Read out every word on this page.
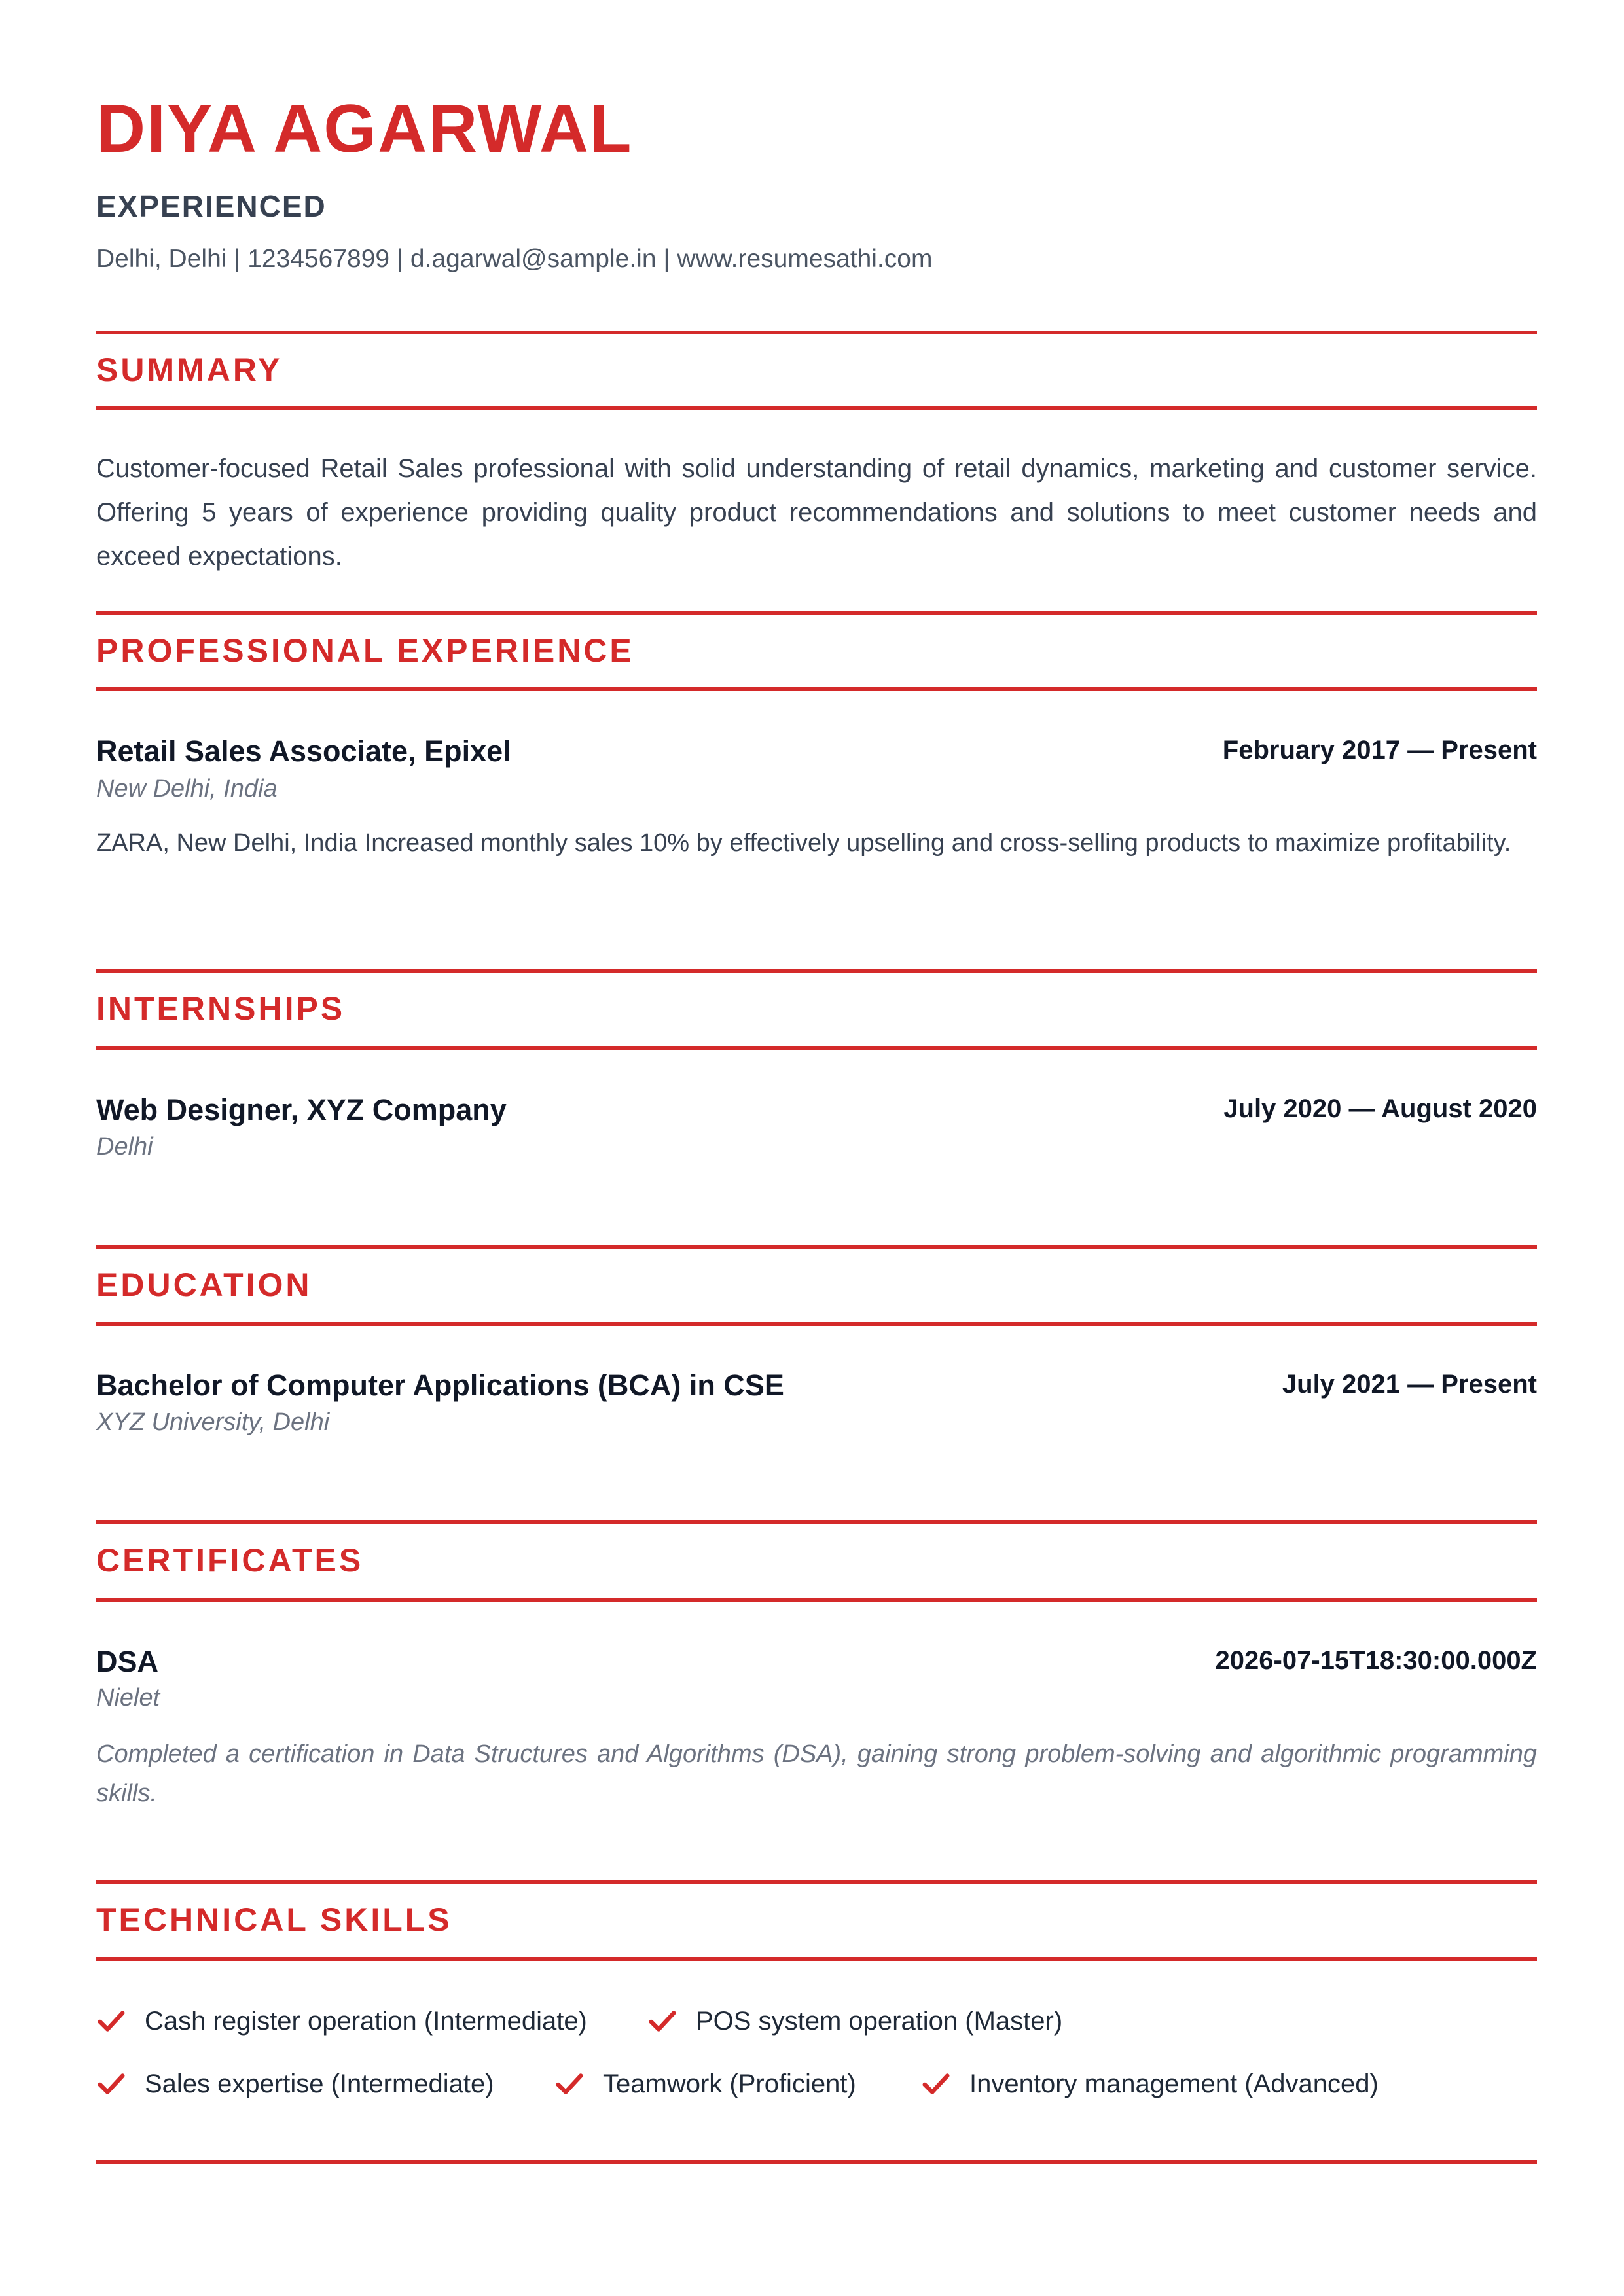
DIYA AGARWAL
EXPERIENCED
Delhi, Delhi | 1234567899 | d.agarwal@sample.in | www.resumesathi.com
SUMMARY
Customer-focused Retail Sales professional with solid understanding of retail dynamics, marketing and customer service. Offering 5 years of experience providing quality product recommendations and solutions to meet customer needs and exceed expectations.
PROFESSIONAL EXPERIENCE
Retail Sales Associate, Epixel	February 2017 — Present
New Delhi, India
ZARA, New Delhi, India Increased monthly sales 10% by effectively upselling and cross-selling products to maximize profitability.
INTERNSHIPS
Web Designer, XYZ Company	July 2020 — August 2020
Delhi
EDUCATION
Bachelor of Computer Applications (BCA) in CSE	July 2021 — Present
XYZ University, Delhi
CERTIFICATES
DSA	2026-07-15T18:30:00.000Z
Nielet
Completed a certification in Data Structures and Algorithms (DSA), gaining strong problem-solving and algorithmic programming skills.
TECHNICAL SKILLS
Cash register operation (Intermediate)	POS system operation (Master)
Sales expertise (Intermediate)	Teamwork (Proficient)	Inventory management (Advanced)
